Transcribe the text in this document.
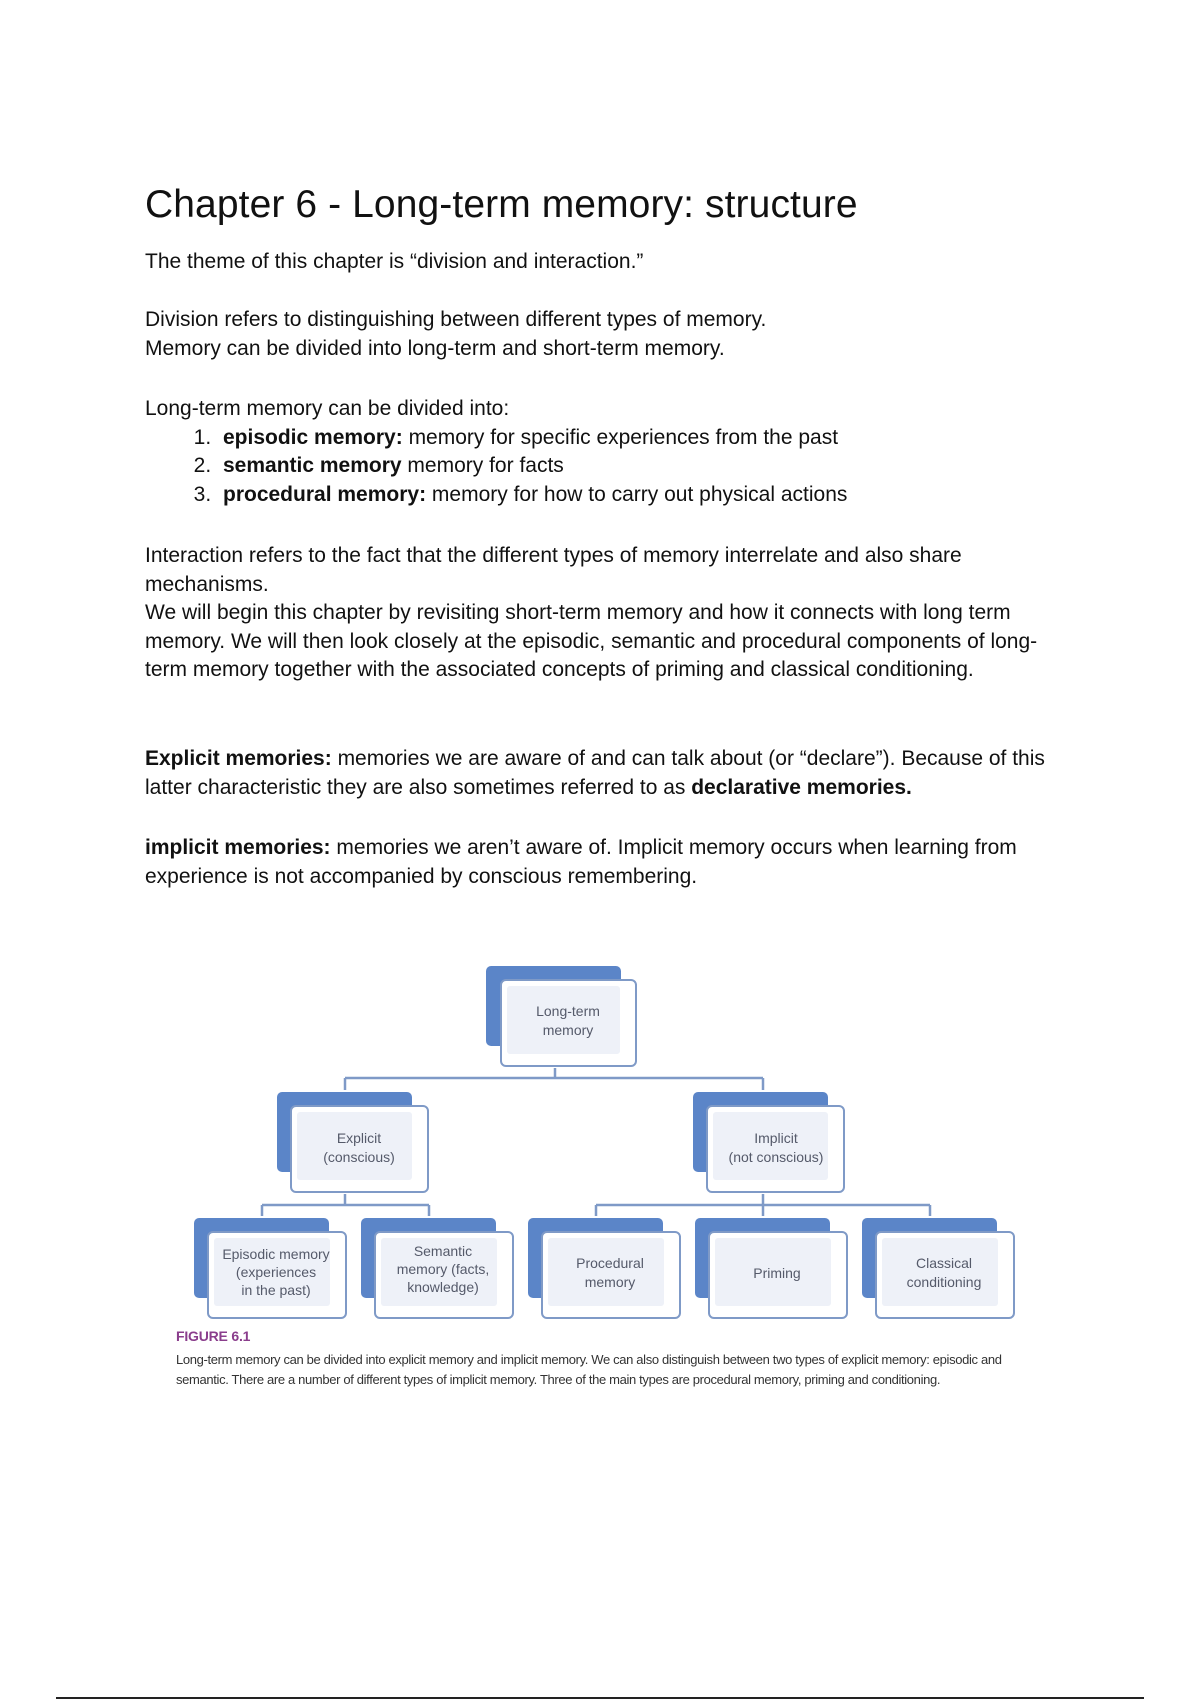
Chapter 6 - Long-term memory: structure

The theme of this chapter is “division and interaction.”

Division refers to distinguishing between different types of memory.

Memory can be divided into long-term and short-term memory.

Long-term memory can be divided into:

1. episodic memory: memory for specific experiences from the past
2. semantic memory memory for facts
3. procedural memory: memory for how to carry out physical actions

Interaction refers to the fact that the different types of memory interrelate and also share mechanisms.

We will begin this chapter by revisiting short-term memory and how it connects with long term memory. We will then look closely at the episodic, semantic and procedural components of long-term memory together with the associated concepts of priming and classical conditioning.

Explicit memories: memories we are aware of and can talk about (or “declare”). Because of this latter characteristic they are also sometimes referred to as declarative memories.

implicit memories: memories we aren’t aware of. Implicit memory occurs when learning from experience is not accompanied by conscious remembering.

Long-term memory
Explicit (conscious)
Implicit (not conscious)
Episodic memory (experiences in the past)
Semantic memory (facts, knowledge)
Procedural memory
Priming
Classical conditioning
FIGURE 6.1
Long-term memory can be divided into explicit memory and implicit memory. We can also distinguish between two types of explicit memory: episodic and semantic. There are a number of different types of implicit memory. Three of the main types are procedural memory, priming and conditioning.
